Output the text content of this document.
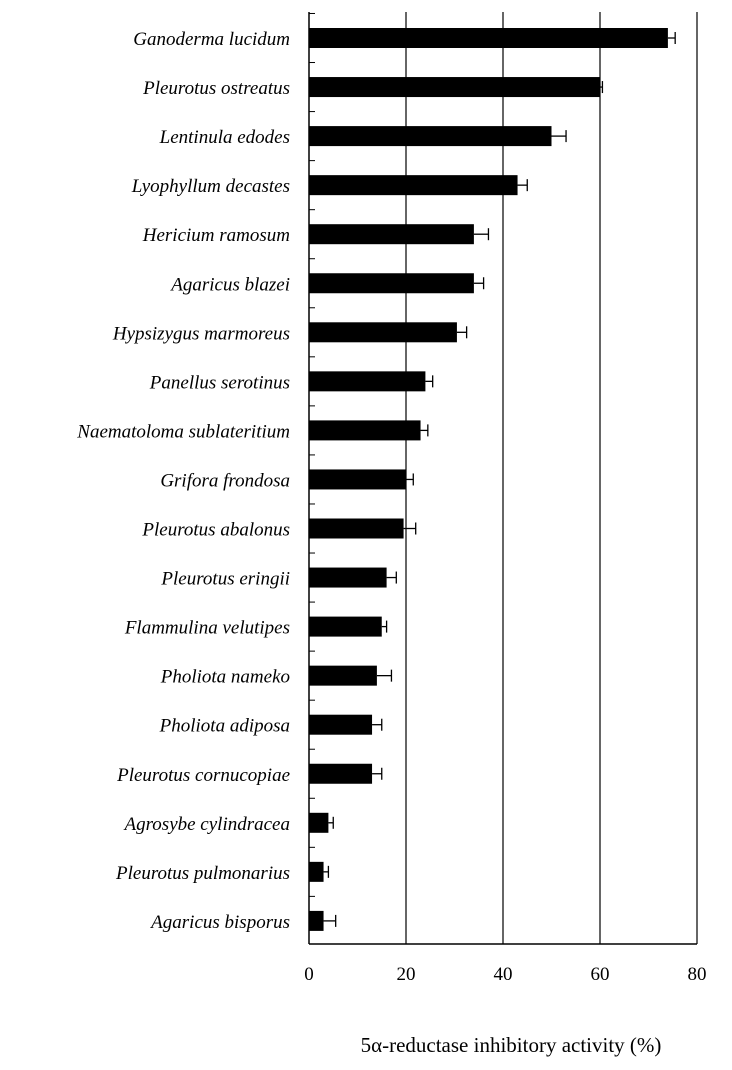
Ganoderma lucidum
Pleurotus ostreatus
Lentinula edodes
Lyophyllum decastes
Hericium ramosum
Agaricus blazei
Hypsizygus marmoreus
Panellus serotinus
Naematoloma sublateritium
Grifora frondosa
Pleurotus abalonus
Pleurotus eringii
Flammulina velutipes
Pholiota nameko
Pholiota adiposa
Pleurotus cornucopiae
Agrosybe cylindracea
Pleurotus pulmonarius
Agaricus bisporus
0	20	40	60	80
5α-reductase inhibitory activity (%)
